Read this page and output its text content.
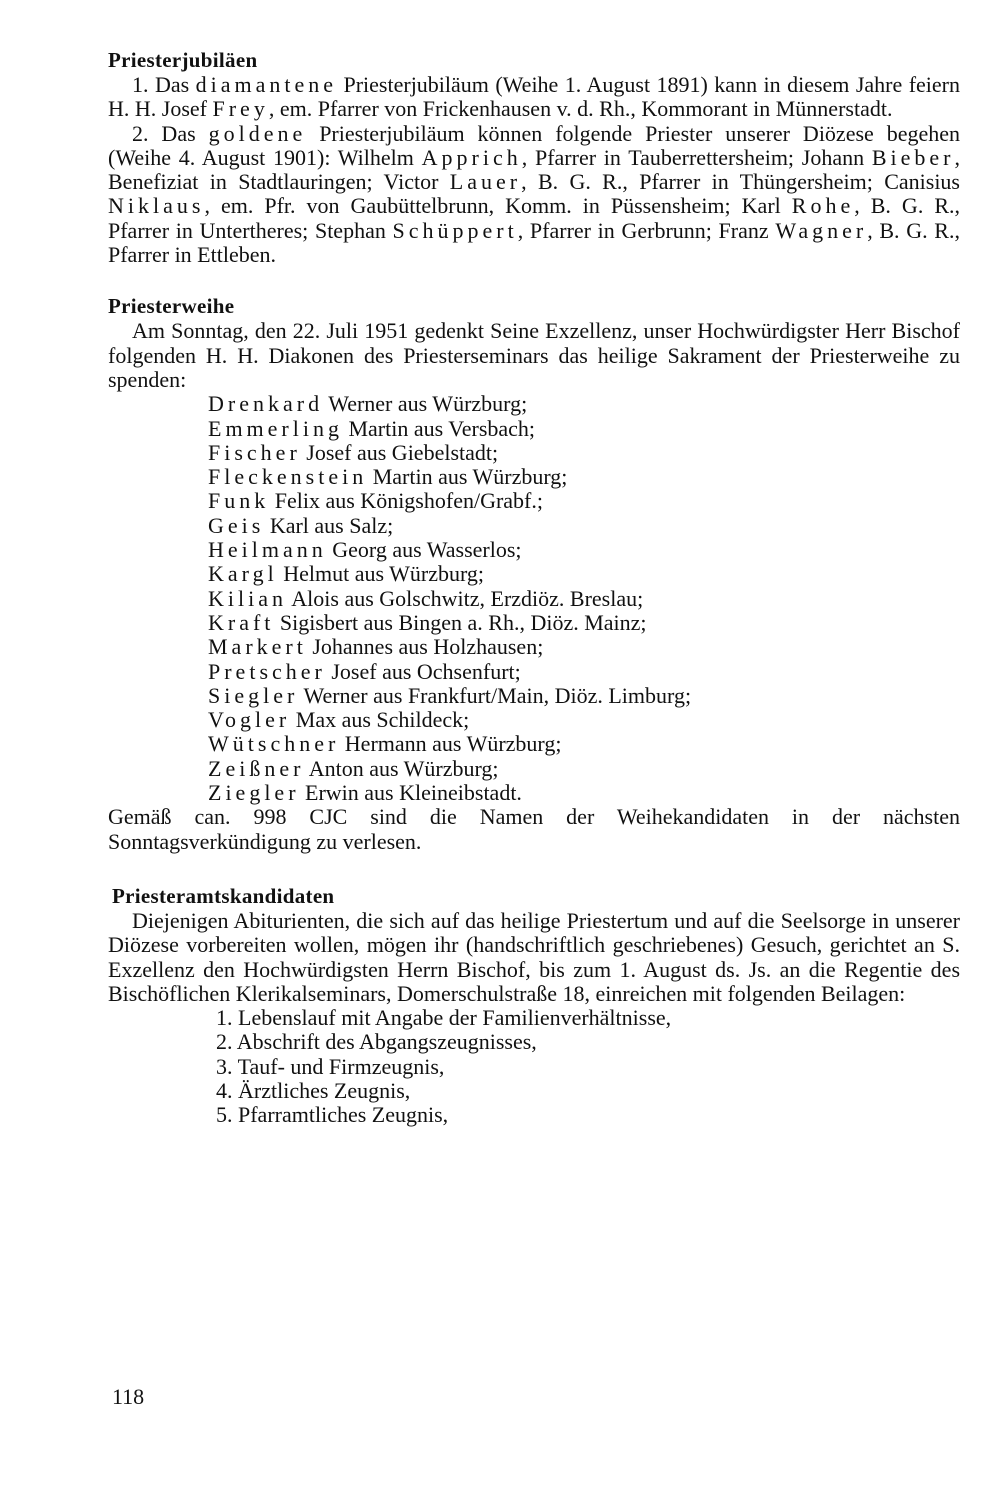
Priesterjubiläen

1. Das diamantene Priesterjubiläum (Weihe 1. August 1891) kann in diesem Jahre feiern H. H. Josef Frey, em. Pfarrer von Frickenhausen v. d. Rh., Kommorant in Münnerstadt.

2. Das goldene Priesterjubiläum können folgende Priester unserer Diözese begehen (Weihe 4. August 1901): Wilhelm Apprich, Pfarrer in Tauberrettersheim; Johann Bieber, Benefiziat in Stadtlauringen; Victor Lauer, B. G. R., Pfarrer in Thüngersheim; Canisius Niklaus, em. Pfr. von Gaubüttelbrunn, Komm. in Püssensheim; Karl Rohe, B. G. R., Pfarrer in Untertheres; Stephan Schüppert, Pfarrer in Gerbrunn; Franz Wagner, B. G. R., Pfarrer in Ettleben.

Priesterweihe

Am Sonntag, den 22. Juli 1951 gedenkt Seine Exzellenz, unser Hochwürdigster Herr Bischof folgenden H. H. Diakonen des Priesterseminars das heilige Sakrament der Priesterweihe zu spenden:

Drenkard Werner aus Würzburg;

Emmerling Martin aus Versbach;

Fischer Josef aus Giebelstadt;

Fleckenstein Martin aus Würzburg;

Funk Felix aus Königshofen/Grabf.;

Geis Karl aus Salz;

Heilmann Georg aus Wasserlos;

Kargl Helmut aus Würzburg;

Kilian Alois aus Golschwitz, Erzdiöz. Breslau;

Kraft Sigisbert aus Bingen a. Rh., Diöz. Mainz;

Markert Johannes aus Holzhausen;

Pretscher Josef aus Ochsenfurt;

Siegler Werner aus Frankfurt/Main, Diöz. Limburg;

Vogler Max aus Schildeck;

Wütschner Hermann aus Würzburg;

Zeißner Anton aus Würzburg;

Ziegler Erwin aus Kleineibstadt.

Gemäß can. 998 CJC sind die Namen der Weihekandidaten in der nächsten Sonntagsverkündigung zu verlesen.

Priesteramtskandidaten

Diejenigen Abiturienten, die sich auf das heilige Priestertum und auf die Seelsorge in unserer Diözese vorbereiten wollen, mögen ihr (handschriftlich geschriebenes) Gesuch, gerichtet an S. Exzellenz den Hochwürdigsten Herrn Bischof, bis zum 1. August ds. Js. an die Regentie des Bischöflichen Klerikalseminars, Domerschulstraße 18, einreichen mit folgenden Beilagen:

1. Lebenslauf mit Angabe der Familienverhältnisse,

2. Abschrift des Abgangszeugnisses,

3. Tauf- und Firmzeugnis,

4. Ärztliches Zeugnis,

5. Pfarramtliches Zeugnis,

118
